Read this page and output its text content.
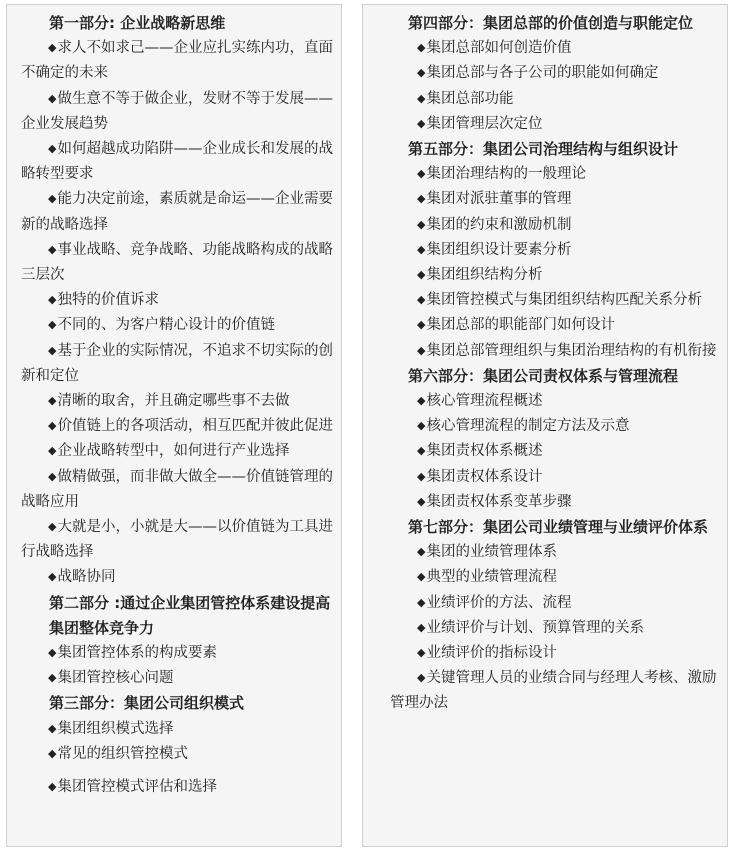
第一部分: 企业战略新思维
◆求人不如求己——企业应扎实练内功，直面不确定的未来
◆做生意不等于做企业，发财不等于发展——企业发展趋势
◆如何超越成功陷阱——企业成长和发展的战略转型要求
◆能力决定前途，素质就是命运——企业需要新的战略选择
◆事业战略、竞争战略、功能战略构成的战略三层次
◆独特的价值诉求
◆不同的、为客户精心设计的价值链
◆基于企业的实际情况，不追求不切实际的创新和定位
◆清晰的取舍，并且确定哪些事不去做
◆价值链上的各项活动，相互匹配并彼此促进
◆企业战略转型中，如何进行产业选择
◆做精做强，而非做大做全——价值链管理的战略应用
◆大就是小，小就是大——以价值链为工具进行战略选择
◆战略协同
第二部分 :通过企业集团管控体系建设提高集团整体竞争力
◆集团管控体系的构成要素
◆集团管控核心问题
第三部分：集团公司组织模式
◆集团组织模式选择
◆常见的组织管控模式
◆集团管控模式评估和选择
第四部分：集团总部的价值创造与职能定位
◆集团总部如何创造价值
◆集团总部与各子公司的职能如何确定
◆集团总部功能
◆集团管理层次定位
第五部分：集团公司治理结构与组织设计
◆集团治理结构的一般理论
◆集团对派驻董事的管理
◆集团的约束和激励机制
◆集团组织设计要素分析
◆集团组织结构分析
◆集团管控模式与集团组织结构匹配关系分析
◆集团总部的职能部门如何设计
◆集团总部管理组织与集团治理结构的有机衔接
第六部分：集团公司责权体系与管理流程
◆核心管理流程概述
◆核心管理流程的制定方法及示意
◆集团责权体系概述
◆集团责权体系设计
◆集团责权体系变革步骤
第七部分：集团公司业绩管理与业绩评价体系
◆集团的业绩管理体系
◆典型的业绩管理流程
◆业绩评价的方法、流程
◆业绩评价与计划、预算管理的关系
◆业绩评价的指标设计
◆关键管理人员的业绩合同与经理人考核、激励管理办法
